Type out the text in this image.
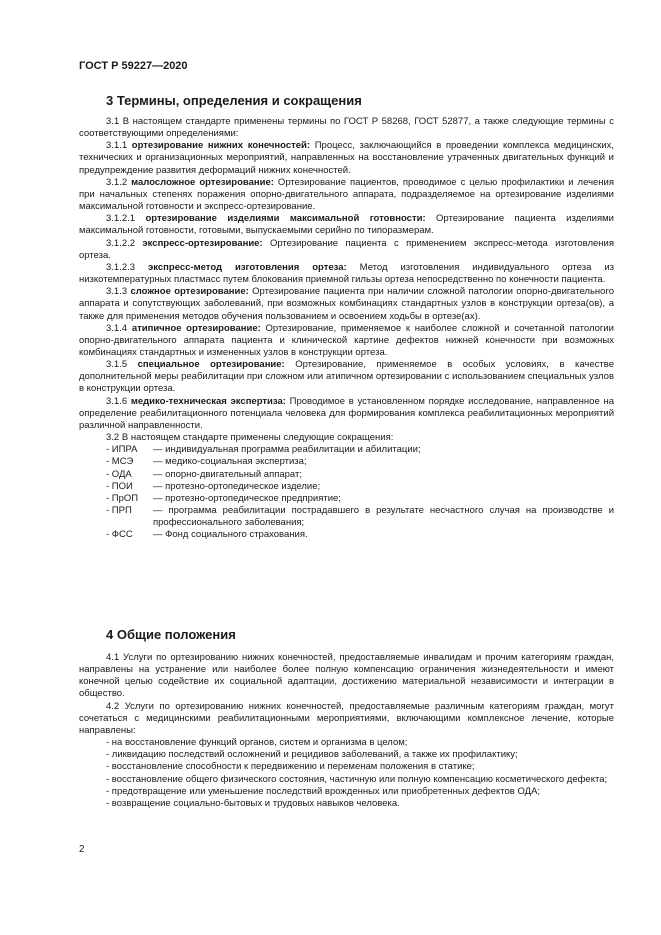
ГОСТ Р 59227—2020
3 Термины, определения и сокращения

3.1 В настоящем стандарте применены термины по ГОСТ Р 58268, ГОСТ 52877, а также следующие термины с соответствующими определениями:

3.1.1 ортезирование нижних конечностей: Процесс, заключающийся в проведении комплекса медицинских, технических и организационных мероприятий, направленных на восстановление утраченных двигательных функций и предупреждение развития деформаций нижних конечностей.

3.1.2 малосложное ортезирование: Ортезирование пациентов, проводимое с целью профилактики и лечения при начальных степенях поражения опорно-двигательного аппарата, подразделяемое на ортезирование изделиями максимальной готовности и экспресс-ортезирование.

3.1.2.1 ортезирование изделиями максимальной готовности: Ортезирование пациента изделиями максимальной готовности, готовыми, выпускаемыми серийно по типоразмерам.

3.1.2.2 экспресс-ортезирование: Ортезирование пациента с применением экспресс-метода изготовления ортеза.

3.1.2.3 экспресс-метод изготовления ортеза: Метод изготовления индивидуального ортеза из низкотемпературных пластмасс путем блокования приемной гильзы ортеза непосредственно по конечности пациента.

3.1.3 сложное ортезирование: Ортезирование пациента при наличии сложной патологии опорно-двигательного аппарата и сопутствующих заболеваний, при возможных комбинациях стандартных узлов в конструкции ортеза(ов), а также для применения методов обучения пользованием и освоением ходьбы в ортезе(ах).

3.1.4 атипичное ортезирование: Ортезирование, применяемое к наиболее сложной и сочетанной патологии опорно-двигательного аппарата пациента и клинической картине дефектов нижней конечности при возможных комбинациях стандартных и измененных узлов в конструкции ортеза.

3.1.5 специальное ортезирование: Ортезирование, применяемое в особых условиях, в качестве дополнительной меры реабилитации при сложном или атипичном ортезировании с использованием специальных узлов в конструкции ортеза.

3.1.6 медико-техническая экспертиза: Проводимое в установленном порядке исследование, направленное на определение реабилитационного потенциала человека для формирования комплекса реабилитационных мероприятий различной направленности.

3.2 В настоящем стандарте применены следующие сокращения:

- ИПРА	— индивидуальная программа реабилитации и абилитации;
- МСЭ	— медико-социальная экспертиза;
- ОДА	— опорно-двигательный аппарат;
- ПОИ	— протезно-ортопедическое изделие;
- ПрОП	— протезно-ортопедическое предприятие;
- ПРП	— программа реабилитации пострадавшего в результате несчастного случая на производстве и профессионального заболевания;
- ФСС	— Фонд социального страхования.
4 Общие положения

4.1 Услуги по ортезированию нижних конечностей, предоставляемые инвалидам и прочим категориям граждан, направлены на устранение или наиболее более полную компенсацию ограничения жизнедеятельности и имеют конечной целью содействие их социальной адаптации, достижению материальной независимости и интеграции в общество.

4.2 Услуги по ортезированию нижних конечностей, предоставляемые различным категориям граждан, могут сочетаться с медицинскими реабилитационными мероприятиями, включающими комплексное лечение, которые направлены:

- на восстановление функций органов, систем и организма в целом;

- ликвидацию последствий осложнений и рецидивов заболеваний, а также их профилактику;

- восстановление способности к передвижению и переменам положения в статике;

- восстановление общего физического состояния, частичную или полную компенсацию косметического дефекта;

- предотвращение или уменьшение последствий врожденных или приобретенных дефектов ОДА;

- возвращение социально-бытовых и трудовых навыков человека.

2
